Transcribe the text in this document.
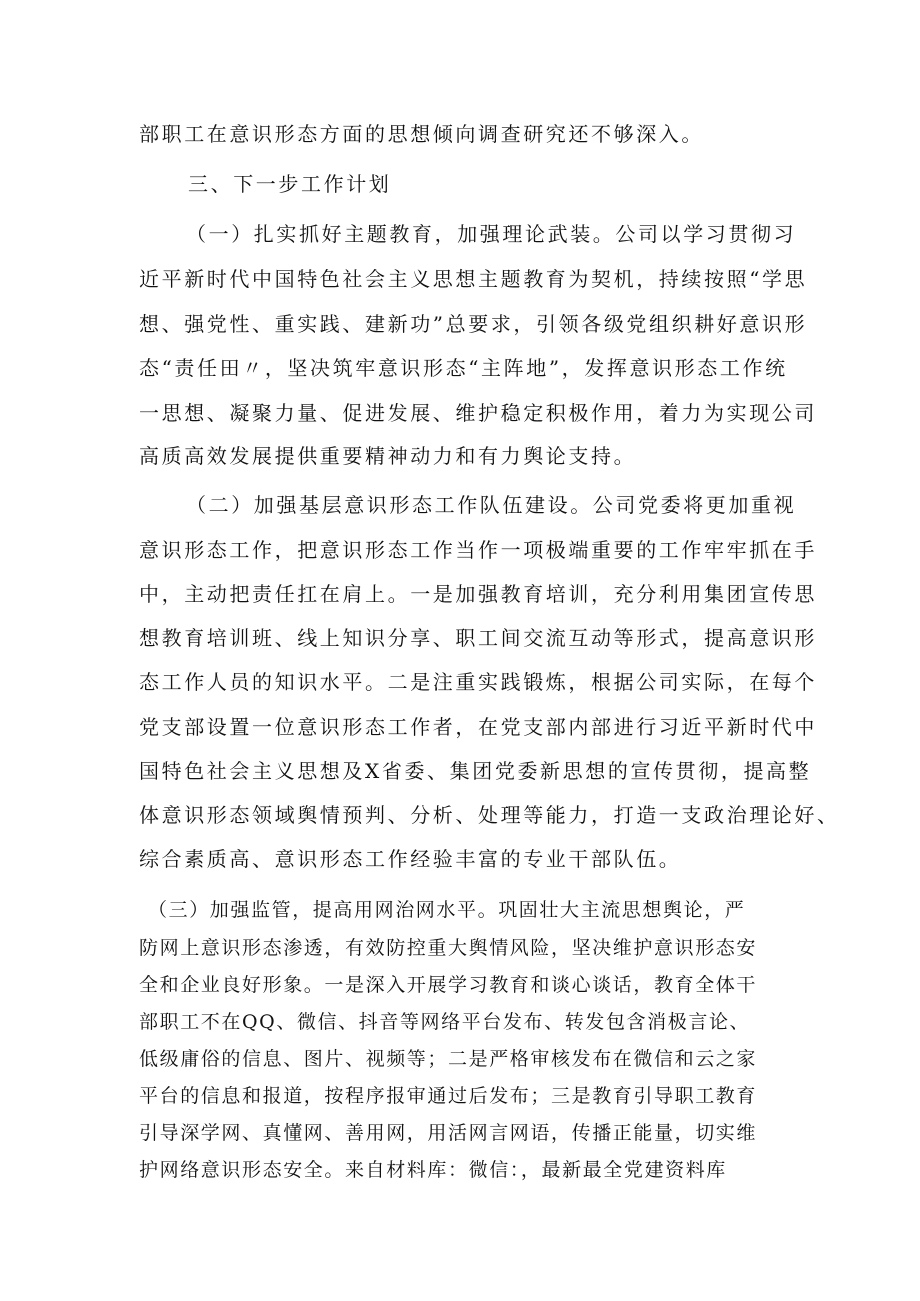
部职工在意识形态方面的思想倾向调查研究还不够深入。

三、下一步工作计划

（一）扎实抓好主题教育，加强理论武装。公司以学习贯彻习

近平新时代中国特色社会主义思想主题教育为契机，持续按照“学思

想、强党性、重实践、建新功”总要求，引领各级党组织耕好意识形

态“责任田〃，坚决筑牢意识形态“主阵地”，发挥意识形态工作统

一思想、凝聚力量、促进发展、维护稳定积极作用，着力为实现公司

高质高效发展提供重要精神动力和有力舆论支持。

（二）加强基层意识形态工作队伍建设。公司党委将更加重视

意识形态工作，把意识形态工作当作一项极端重要的工作牢牢抓在手

中，主动把责任扛在肩上。一是加强教育培训，充分利用集团宣传思

想教育培训班、线上知识分享、职工间交流互动等形式，提高意识形

态工作人员的知识水平。二是注重实践锻炼，根据公司实际，在每个

党支部设置一位意识形态工作者，在党支部内部进行习近平新时代中

国特色社会主义思想及X省委、集团党委新思想的宣传贯彻，提高整

体意识形态领域舆情预判、分析、处理等能力，打造一支政治理论好、

综合素质高、意识形态工作经验丰富的专业干部队伍。

（三）加强监管，提高用网治网水平。巩固壮大主流思想舆论，严

防网上意识形态渗透，有效防控重大舆情风险，坚决维护意识形态安

全和企业良好形象。一是深入开展学习教育和谈心谈话，教育全体干

部职工不在QQ、微信、抖音等网络平台发布、转发包含消极言论、

低级庸俗的信息、图片、视频等；二是严格审核发布在微信和云之家

平台的信息和报道，按程序报审通过后发布；三是教育引导职工教育

引导深学网、真懂网、善用网，用活网言网语，传播正能量，切实维

护网络意识形态安全。来自材料库：微信：，最新最全党建资料库
